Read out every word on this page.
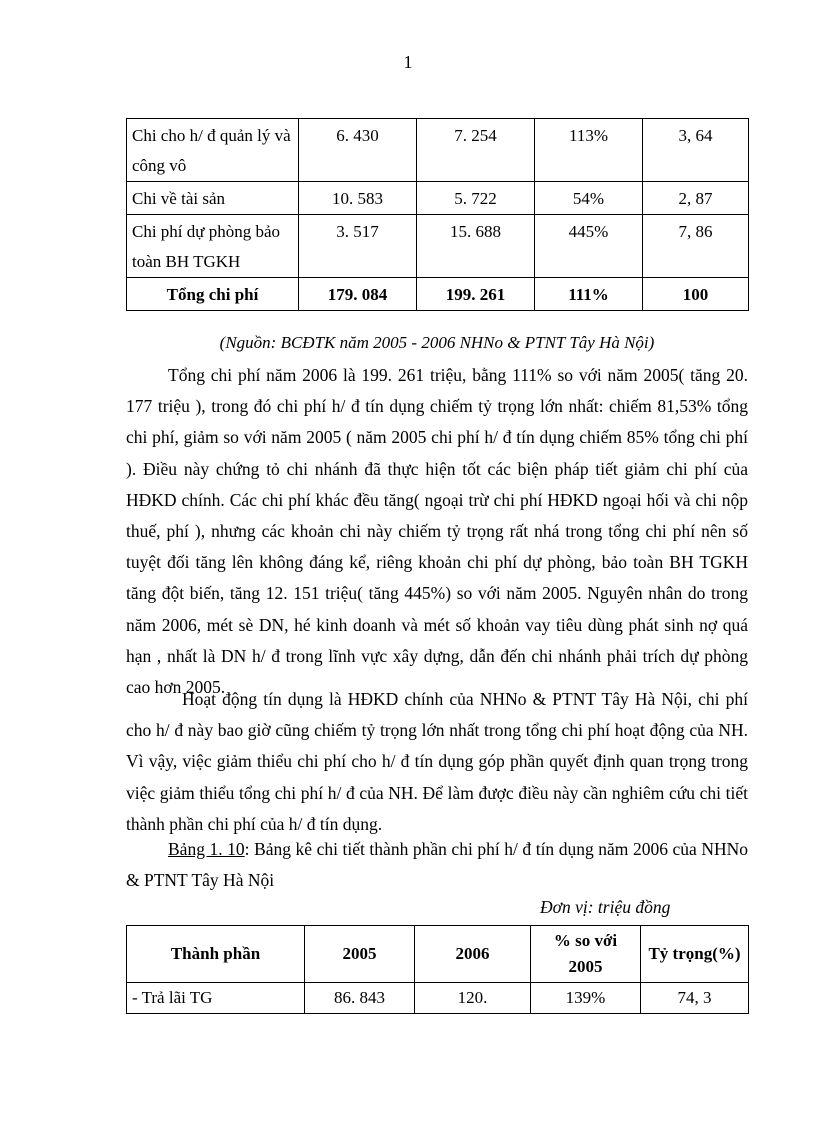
1
Chi cho h/ đ quản lý và công vô	6. 430	7. 254	113%	3, 64
Chi về tài sản	10. 583	5. 722	54%	2, 87
Chi phí dự phòng bảo toàn BH TGKH	3. 517	15. 688	445%	7, 86
Tổng chi phí	179. 084	199. 261	111%	100
(Nguồn: BCĐTK năm 2005 - 2006 NHNo & PTNT Tây Hà Nội)

Tổng chi phí năm 2006 là 199. 261 triệu, bằng 111% so với năm 2005( tăng 20. 177 triệu ), trong đó chi phí h/ đ tín dụng chiếm tỷ trọng lớn nhất: chiếm 81,53% tổng chi phí, giảm so với năm 2005 ( năm 2005 chi phí h/ đ tín dụng chiếm 85% tổng chi phí ). Điều này chứng tỏ chi nhánh đã thực hiện tốt các biện pháp tiết giảm chi phí của HĐKD chính. Các chi phí khác đều tăng( ngoại trừ chi phí HĐKD ngoại hối và chi nộp thuế, phí ), nhưng các khoản chi này chiếm tỷ trọng rất nhá trong tổng chi phí nên số tuyệt đối tăng lên không đáng kể, riêng khoản chi phí dự phòng, bảo toàn BH TGKH tăng đột biến, tăng 12. 151 triệu( tăng 445%) so với năm 2005. Nguyên nhân do trong năm 2006, mét sè DN, hé kinh doanh và mét số khoản vay tiêu dùng phát sinh nợ quá hạn , nhất là DN h/ đ trong lĩnh vực xây dựng, dẫn đến chi nhánh phải trích dự phòng cao hơn 2005.

Hoạt động tín dụng là HĐKD chính của NHNo & PTNT Tây Hà Nội, chi phí cho h/ đ này bao giờ cũng chiếm tỷ trọng lớn nhất trong tổng chi phí hoạt động của NH. Vì vậy, việc giảm thiểu chi phí cho h/ đ tín dụng góp phần quyết định quan trọng trong việc giảm thiểu tổng chi phí h/ đ của NH. Để làm được điều này cần nghiêm cứu chi tiết thành phần chi phí của h/ đ tín dụng.

Bảng 1. 10: Bảng kê chi tiết thành phần chi phí h/ đ tín dụng năm 2006 của NHNo & PTNT Tây Hà Nội

Đơn vị: triệu đồng
Thành phần	2005	2006	% so với 2005	Tỷ trọng(%)
- Trả lãi TG	86. 843	120.	139%	74, 3
